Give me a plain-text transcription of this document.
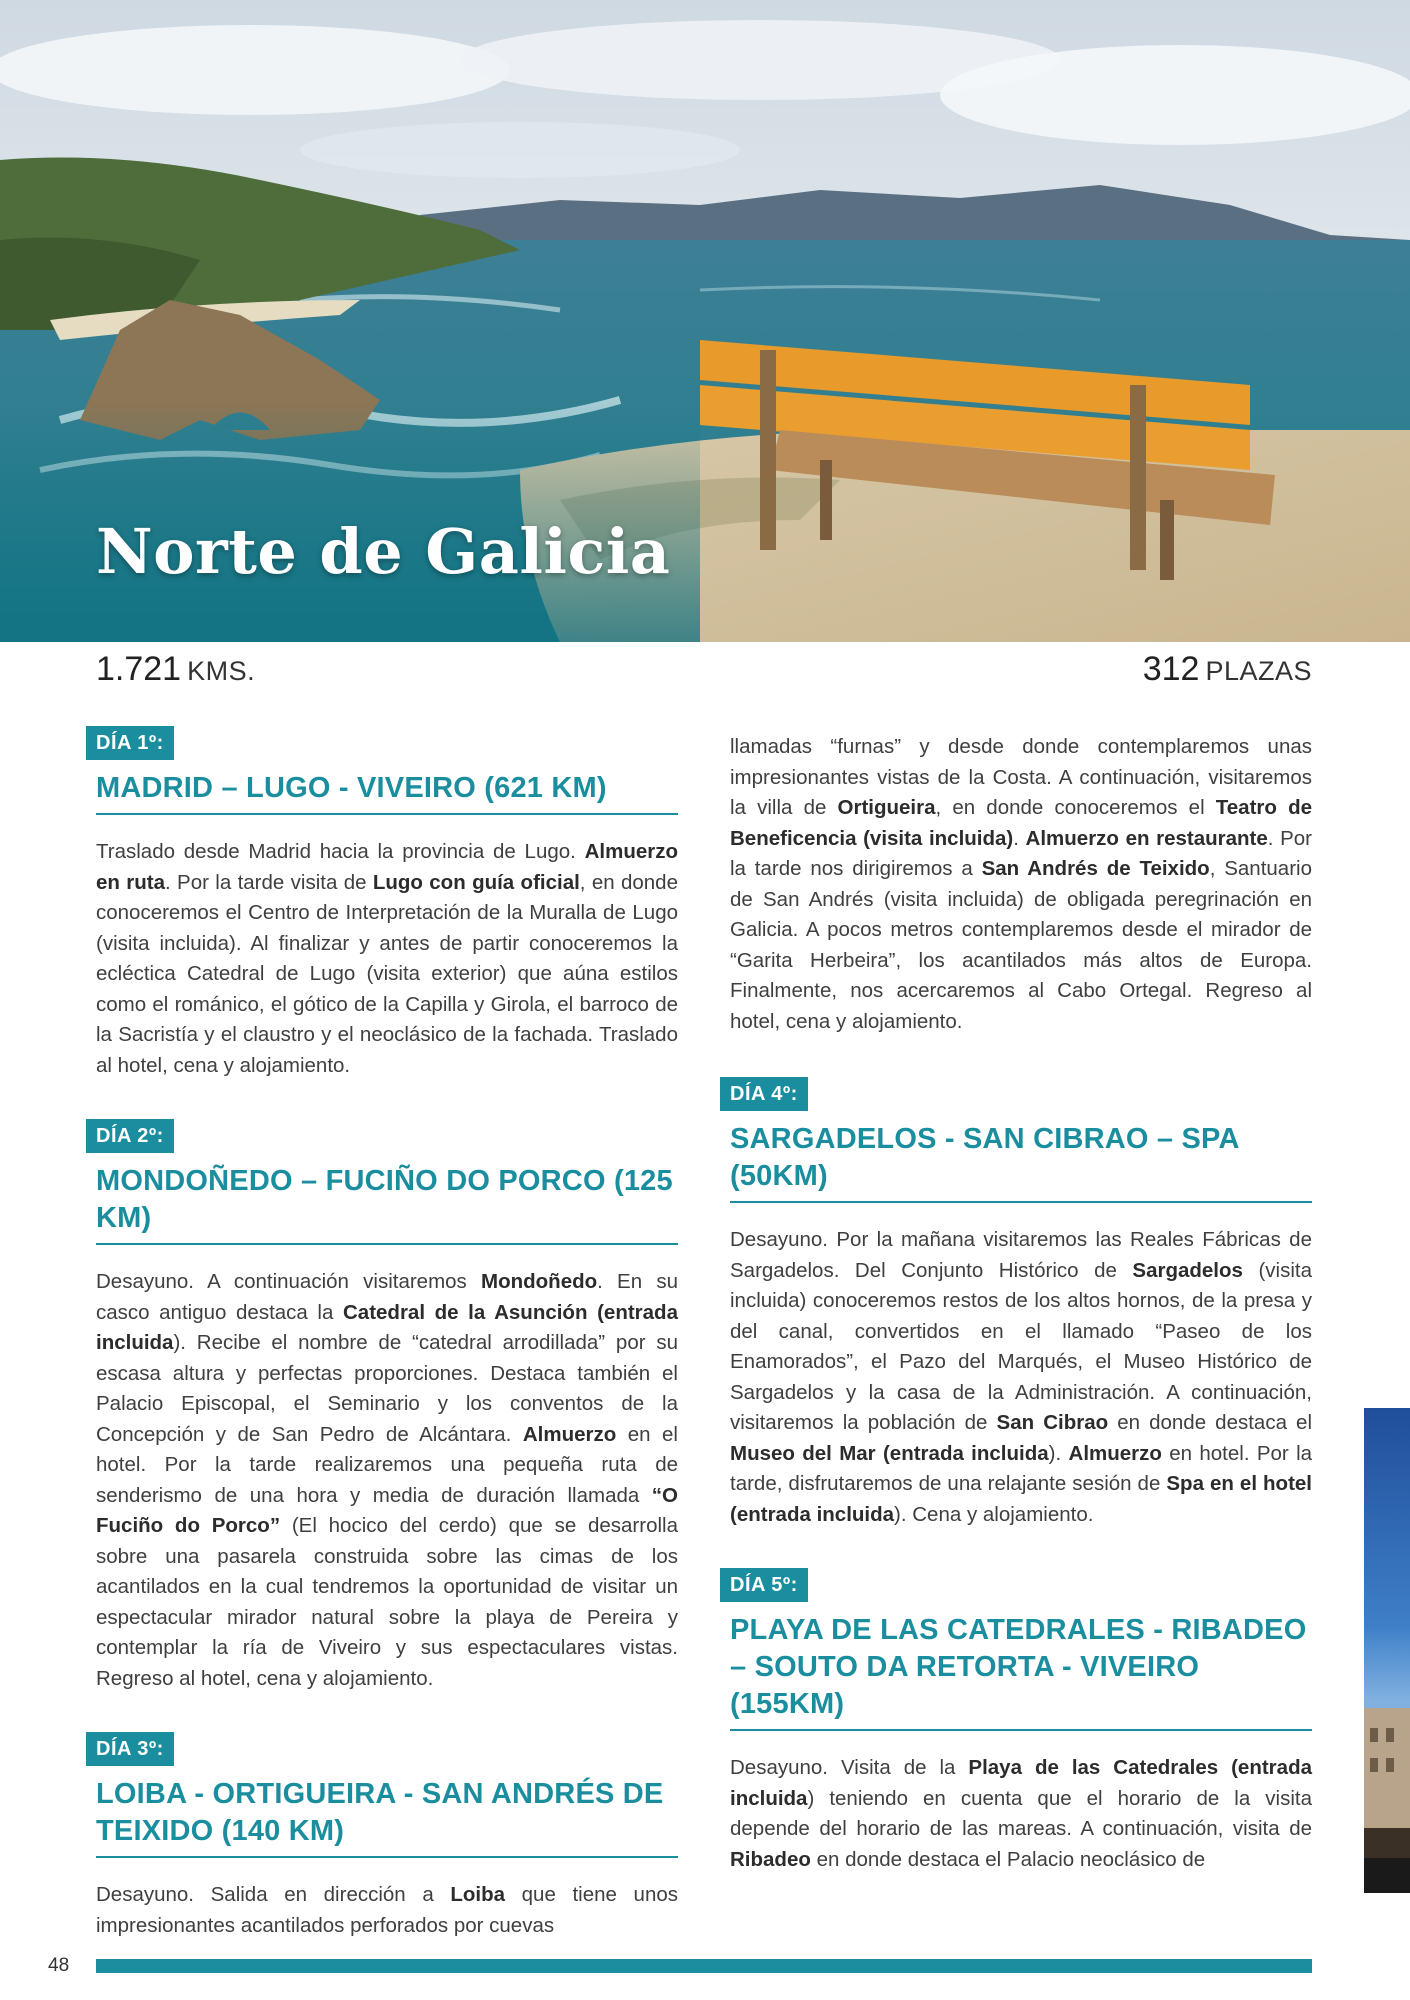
Norte de Galicia
1.721 KMS.	312 PLAZAS
DÍA 1º:
MADRID – LUGO - VIVEIRO (621 KM)
Traslado desde Madrid hacia la provincia de Lugo. Almuerzo en ruta. Por la tarde visita de Lugo con guía oficial, en donde conoceremos el Centro de Interpretación de la Muralla de Lugo (visita incluida). Al finalizar y antes de partir conoceremos la ecléctica Catedral de Lugo (visita exterior) que aúna estilos como el románico, el gótico de la Capilla y Girola, el barroco de la Sacristía y el claustro y el neoclásico de la fachada. Traslado al hotel, cena y alojamiento.
DÍA 2º:
MONDOÑEDO – FUCIÑO DO PORCO (125 KM)
Desayuno. A continuación visitaremos Mondoñedo. En su casco antiguo destaca la Catedral de la Asunción (entrada incluida). Recibe el nombre de “catedral arrodillada” por su escasa altura y perfectas proporciones. Destaca también el Palacio Episcopal, el Seminario y los conventos de la Concepción y de San Pedro de Alcántara. Almuerzo en el hotel. Por la tarde realizaremos una pequeña ruta de senderismo de una hora y media de duración llamada “O Fuciño do Porco” (El hocico del cerdo) que se desarrolla sobre una pasarela construida sobre las cimas de los acantilados en la cual tendremos la oportunidad de visitar un espectacular mirador natural sobre la playa de Pereira y contemplar la ría de Viveiro y sus espectaculares vistas. Regreso al hotel, cena y alojamiento.
DÍA 3º:
LOIBA - ORTIGUEIRA - SAN ANDRÉS DE TEIXIDO (140 KM)
Desayuno. Salida en dirección a Loiba que tiene unos impresionantes acantilados perforados por cuevas
llamadas “furnas” y desde donde contemplaremos unas impresionantes vistas de la Costa. A continuación, visitaremos la villa de Ortigueira, en donde conoceremos el Teatro de Beneficencia (visita incluida). Almuerzo en restaurante. Por la tarde nos dirigiremos a San Andrés de Teixido, Santuario de San Andrés (visita incluida) de obligada peregrinación en Galicia. A pocos metros contemplaremos desde el mirador de “Garita Herbeira”, los acantilados más altos de Europa. Finalmente, nos acercaremos al Cabo Ortegal. Regreso al hotel, cena y alojamiento.
DÍA 4º:
SARGADELOS - SAN CIBRAO – SPA (50KM)
Desayuno. Por la mañana visitaremos las Reales Fábricas de Sargadelos. Del Conjunto Histórico de Sargadelos (visita incluida) conoceremos restos de los altos hornos, de la presa y del canal, convertidos en el llamado “Paseo de los Enamorados”, el Pazo del Marqués, el Museo Histórico de Sargadelos y la casa de la Administración. A continuación, visitaremos la población de San Cibrao en donde destaca el Museo del Mar (entrada incluida). Almuerzo en hotel. Por la tarde, disfrutaremos de una relajante sesión de Spa en el hotel (entrada incluida). Cena y alojamiento.
DÍA 5º:
PLAYA DE LAS CATEDRALES - RIBADEO – SOUTO DA RETORTA - VIVEIRO (155KM)
Desayuno. Visita de la Playa de las Catedrales (entrada incluida) teniendo en cuenta que el horario de la visita depende del horario de las mareas. A continuación, visita de Ribadeo en donde destaca el Palacio neoclásico de
48
